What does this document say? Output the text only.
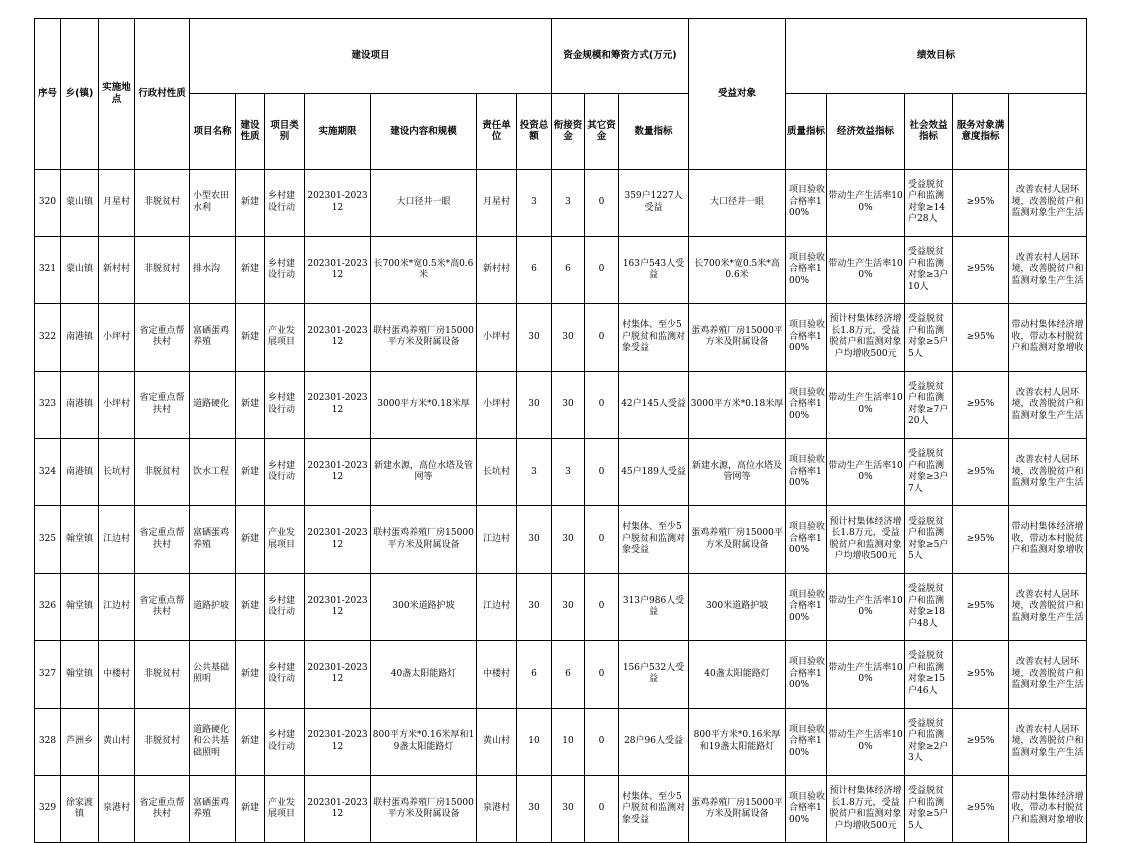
序号	乡(镇)	实施地点	行政村性质	建设项目							资金规模和筹资方式(万元)			受益对象	绩效目标	
				项目名称	建设性质	项目类别	实施期限	建设内容和规模	责任单位	投资总额	衔接资金	其它资金	数量指标		质量指标	经济效益指标	社会效益指标	服务对象满意度指标		
320	蒙山镇	月星村	非脱贫村	小型农田水利	新建	乡村建设行动	202301-202312	大口径井一眼	月星村	3	3	0	359户1227人受益	大口径井一眼	项目验收合格率100%	带动生产生活率100%	受益脱贫户和监测对象≥14户28人	≥95%	改善农村人居环境，改善脱贫户和监测对象生产生活	
321	蒙山镇	新村村	非脱贫村	排水沟	新建	乡村建设行动	202301-202312	长700米*宽0.5米*高0.6米	新村村	6	6	0	163户543人受益	长700米*宽0.5米*高0.6米	项目验收合格率100%	带动生产生活率100%	受益脱贫户和监测对象≥3户10人	≥95%	改善农村人居环境，改善脱贫户和监测对象生产生活	
322	南港镇	小坪村	省定重点帮扶村	富硒蛋鸡养殖	新建	产业发展项目	202301-202312	联村蛋鸡养殖厂房15000平方米及附属设备	小坪村	30	30	0	村集体、至少5户脱贫和监测对象受益	蛋鸡养殖厂房15000平方米及附属设备	项目验收合格率100%	预计村集体经济增长1.8万元，受益脱贫户和监测对象户均增收500元	受益脱贫户和监测对象≥5户5人	≥95%	带动村集体经济增收，带动本村脱贫户和监测对象增收	
323	南港镇	小坪村	省定重点帮扶村	道路硬化	新建	乡村建设行动	202301-202312	3000平方米*0.18米厚	小坪村	30	30	0	42户145人受益	3000平方米*0.18米厚	项目验收合格率100%	带动生产生活率100%	受益脱贫户和监测对象≥7户20人	≥95%	改善农村人居环境，改善脱贫户和监测对象生产生活	
324	南港镇	长坑村	非脱贫村	饮水工程	新建	乡村建设行动	202301-202312	新建水源，高位水塔及管网等	长坑村	3	3	0	45户189人受益	新建水源，高位水塔及管网等	项目验收合格率100%	带动生产生活率100%	受益脱贫户和监测对象≥3户7人	≥95%	改善农村人居环境，改善脱贫户和监测对象生产生活	
325	翰堂镇	江边村	省定重点帮扶村	富硒蛋鸡养殖	新建	产业发展项目	202301-202312	联村蛋鸡养殖厂房15000平方米及附属设备	江边村	30	30	0	村集体、至少5户脱贫和监测对象受益	蛋鸡养殖厂房15000平方米及附属设备	项目验收合格率100%	预计村集体经济增长1.8万元，受益脱贫户和监测对象户均增收500元	受益脱贫户和监测对象≥5户5人	≥95%	带动村集体经济增收，带动本村脱贫户和监测对象增收	
326	翰堂镇	江边村	省定重点帮扶村	道路护坡	新建	乡村建设行动	202301-202312	300米道路护坡	江边村	30	30	0	313户986人受益	300米道路护坡	项目验收合格率100%	带动生产生活率100%	受益脱贫户和监测对象≥18户48人	≥95%	改善农村人居环境，改善脱贫户和监测对象生产生活	
327	翰堂镇	中楼村	非脱贫村	公共基础照明	新建	乡村建设行动	202301-202312	40盏太阳能路灯	中楼村	6	6	0	156户532人受益	40盏太阳能路灯	项目验收合格率100%	带动生产生活率100%	受益脱贫户和监测对象≥15户46人	≥95%	改善农村人居环境，改善脱贫户和监测对象生产生活	
328	芦洲乡	黄山村	非脱贫村	道路硬化和公共基础照明	新建	乡村建设行动	202301-202312	800平方米*0.16米厚和19盏太阳能路灯	黄山村	10	10	0	28户96人受益	800平方米*0.16米厚和19盏太阳能路灯	项目验收合格率100%	带动生产生活率100%	受益脱贫户和监测对象≥2户3人	≥95%	改善农村人居环境，改善脱贫户和监测对象生产生活	
329	徐家渡镇	泉港村	省定重点帮扶村	富硒蛋鸡养殖	新建	产业发展项目	202301-202312	联村蛋鸡养殖厂房15000平方米及附属设备	泉港村	30	30	0	村集体、至少5户脱贫和监测对象受益	蛋鸡养殖厂房15000平方米及附属设备	项目验收合格率100%	预计村集体经济增长1.8万元，受益脱贫户和监测对象户均增收500元	受益脱贫户和监测对象≥5户5人	≥95%	带动村集体经济增收，带动本村脱贫户和监测对象增收	
